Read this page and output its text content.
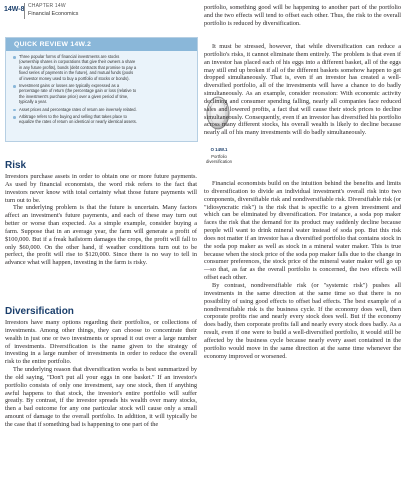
14W-8 CHAPTER 14W
Financial Economics
QUICK REVIEW 14W.2
Three popular forms of financial investments are stocks (ownership shares in corporations that give their owners a share in any future profits), bonds (debt contracts that promise to pay a fixed series of payments in the future), and mutual funds (pools of investor money used to buy a portfolio of stocks or bonds).
Investment gains or losses are typically expressed as a percentage rate of return (the percentage gain or loss (relative to the investment's purchase price) over a given period of time, typically a year.
Asset prices and percentage rates of return are inversely related.
Arbitrage refers to the buying and selling that takes place to equalize the rates of return on identical or nearly identical assets.
O 14W.1
Portfolio diversification

portfolio, something good will be happening to another part of the portfolio and the two effects will tend to offset each other. Thus, the risk to the overall portfolio is reduced by diversification.

It must be stressed, however, that while diversification can reduce a portfolio's risks, it cannot eliminate them entirely. The problem is that even if an investor has placed each of his eggs into a different basket, all of the eggs may still end up broken if all of the different baskets somehow happen to get dropped simultaneously. That is, even if an investor has created a well-diversified portfolio, all of the investments will have a chance to do badly simultaneously. As an example, consider recession: With economic activity declining and consumer spending falling, nearly all companies face reduced sales and lowered profits, a fact that will cause their stock prices to decline simultaneously. Consequently, even if an investor has diversified his portfolio across many different stocks, his overall wealth is likely to decline because nearly all of his many investments will do badly simultaneously.

Financial economists build on the intuition behind the benefits and limits to diversification to divide an individual investment's overall risk into two components, diversifiable risk and nondiversifiable risk. Diversifiable risk (or "idiosyncratic risk") is the risk that is specific to a given investment and which can be eliminated by diversification. For instance, a soda pop maker faces the risk that the demand for its product may suddenly decline because people will want to drink mineral water instead of soda pop. But this risk does not matter if an investor has a diversified portfolio that contains stock in the soda pop maker as well as stock in a mineral water maker. This is true because when the stock price of the soda pop maker falls due to the change in consumer preferences, the stock price of the mineral water maker will go up—so that, as far as the overall portfolio is concerned, the two effects will offset each other.

By contrast, nondiversifiable risk (or "systemic risk") pushes all investments in the same direction at the same time so that there is no possibility of using good effects to offset bad effects. The best example of a nondiversifiable risk is the business cycle. If the economy does well, then corporate profits rise and nearly every stock does well. But if the economy does badly, then corporate profits fall and nearly every stock does badly. As a result, even if one were to build a well-diversified portfolio, it would still be affected by the business cycle because nearly every asset contained in the portfolio would move in the same direction at the same time whenever the economy improved or worsened.

Risk

Investors purchase assets in order to obtain one or more future payments. As used by financial economists, the word risk refers to the fact that investors never know with total certainty what those future payments will turn out to be.

The underlying problem is that the future is uncertain. Many factors affect an investment's future payments, and each of these may turn out better or worse than expected. As a simple example, consider buying a farm. Suppose that in an average year, the farm will generate a profit of $100,000. But if a freak hailstorm damages the crops, the profit will fall to only $60,000. On the other hand, if weather conditions turn out to be perfect, the profit will rise to $120,000. Since there is no way to tell in advance what will happen, investing in the farm is risky.

Diversification

Investors have many options regarding their portfolios, or collections of investments. Among other things, they can choose to concentrate their wealth in just one or two investments or spread it out over a large number of investments. Diversification is the name given to the strategy of investing in a large number of investments in order to reduce the overall risk to the entire portfolio.

The underlying reason that diversification works is best summarized by the old saying, "Don't put all your eggs in one basket." If an investor's portfolio consists of only one investment, say one stock, then if anything awful happens to that stock, the investor's entire portfolio will suffer greatly. By contrast, if the investor spreads his wealth over many stocks, then a bad outcome for any one particular stock will cause only a small amount of damage to the overall portfolio. In addition, it will typically be the case that if something bad is happening to one part of the
